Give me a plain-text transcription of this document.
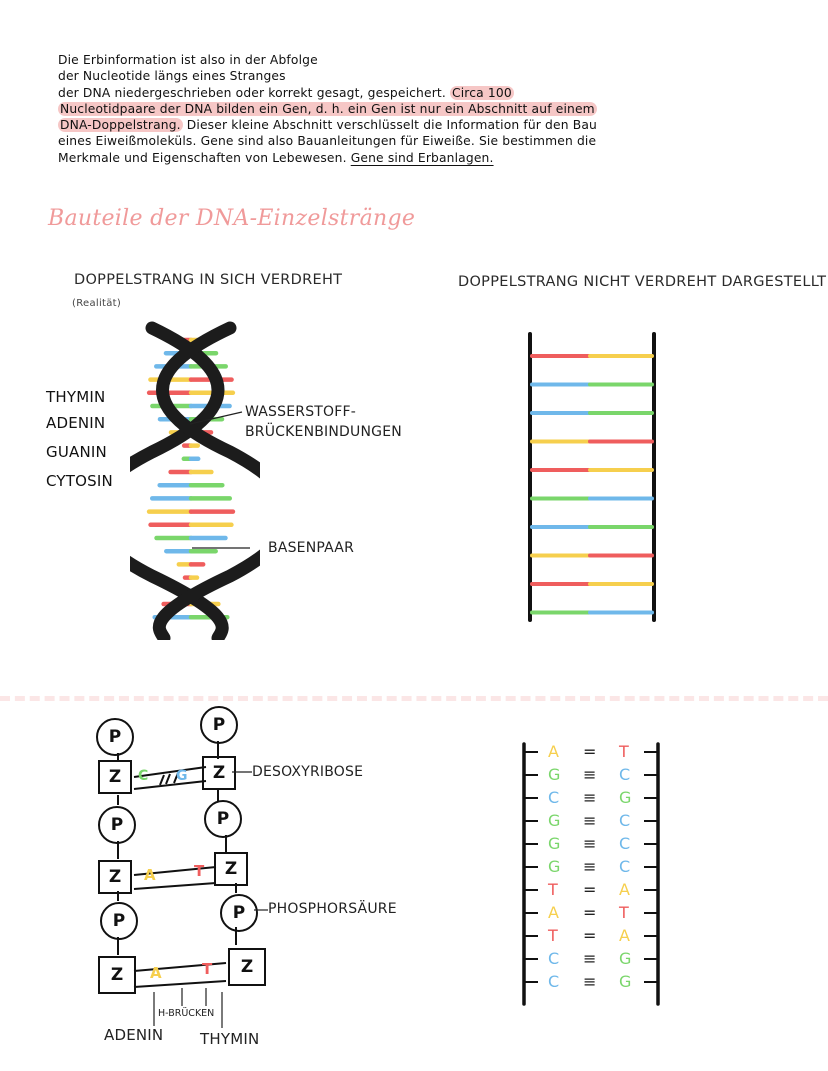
Die Erbinformation ist also in der Abfolge
der Nucleotide längs eines Stranges
der DNA niedergeschrieben oder korrekt gesagt, gespeichert. Circa 100
Nucleotidpaare der DNA bilden ein Gen, d. h. ein Gen ist nur ein Abschnitt auf einem
DNA-Doppelstrang. Dieser kleine Abschnitt verschlüsselt die Information für den Bau
eines Eiweißmoleküls. Gene sind also Bauanleitungen für Eiweiße. Sie bestimmen die
Merkmale und Eigenschaften von Lebewesen. Gene sind Erbanlagen.
Bauteile der DNA-Einzelstränge
DOPPELSTRANG IN SICH VERDREHT
(Realität)
DOPPELSTRANG NICHT VERDREHT DARGESTELLT
THYMIN
ADENIN
GUANIN
CYTOSIN
WASSERSTOFF-
BRÜCKENBINDUNGEN
BASENPAAR
P
P
Z	Z
P	P
Z	Z
P	P
Z	Z
C G
A	T
A	T
DESOXYRIBOSE
PHOSPHORSÄURE
H-BRÜCKEN
ADENIN THYMIN
A = T
G ≡ C
C ≡ G
G ≡ C
G ≡ C
G ≡ C
T = A
A = T
T = A
C ≡ G
C ≡ G
